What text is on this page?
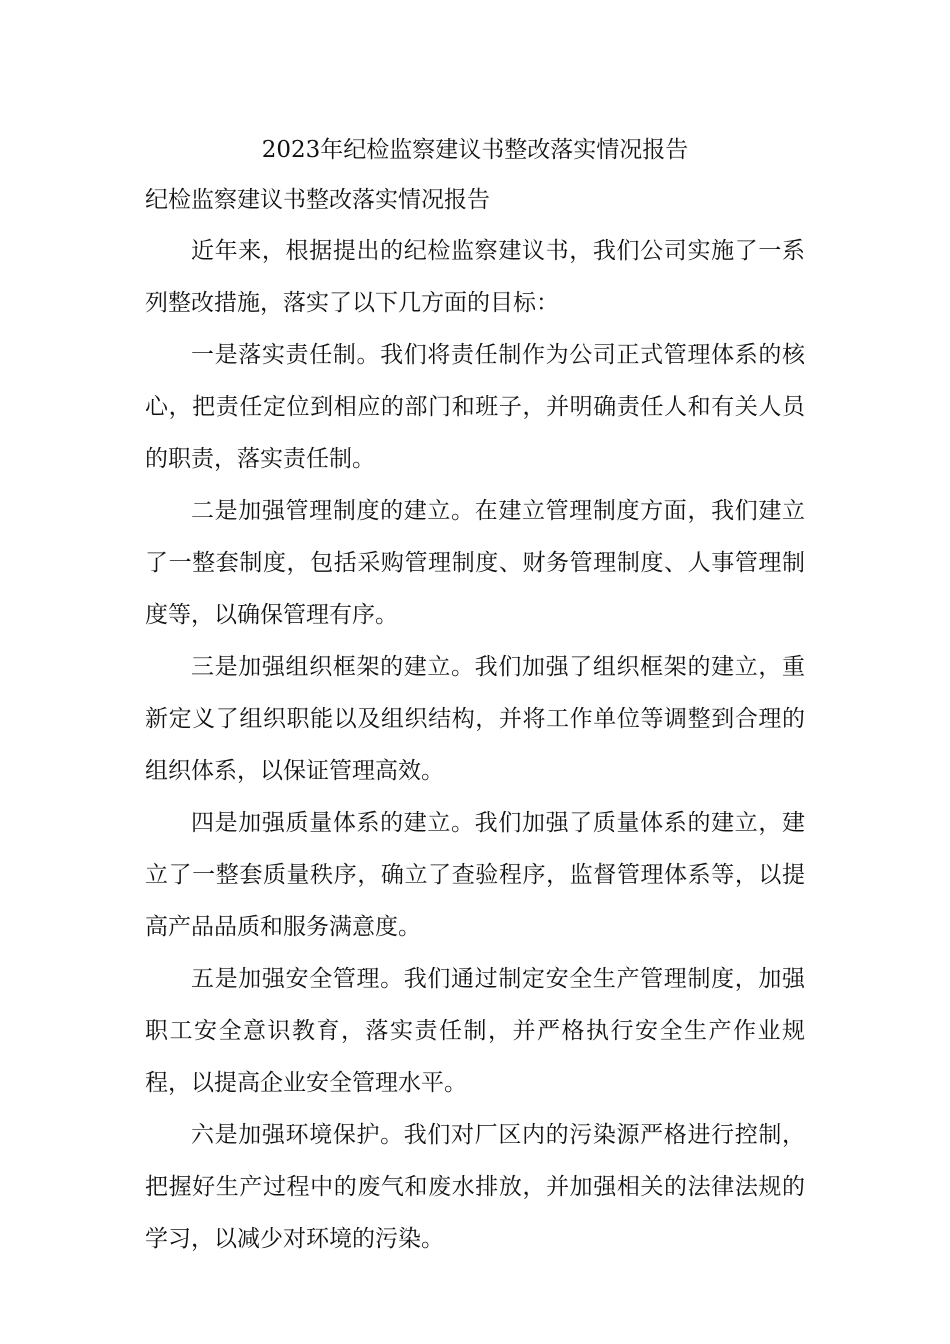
2023年纪检监察建议书整改落实情况报告
纪检监察建议书整改落实情况报告

近年来，根据提出的纪检监察建议书，我们公司实施了一系列整改措施，落实了以下几方面的目标：

一是落实责任制。我们将责任制作为公司正式管理体系的核心，把责任定位到相应的部门和班子，并明确责任人和有关人员的职责，落实责任制。

二是加强管理制度的建立。在建立管理制度方面，我们建立了一整套制度，包括采购管理制度、财务管理制度、人事管理制度等，以确保管理有序。

三是加强组织框架的建立。我们加强了组织框架的建立，重新定义了组织职能以及组织结构，并将工作单位等调整到合理的组织体系，以保证管理高效。

四是加强质量体系的建立。我们加强了质量体系的建立，建立了一整套质量秩序，确立了查验程序，监督管理体系等，以提高产品品质和服务满意度。

五是加强安全管理。我们通过制定安全生产管理制度，加强职工安全意识教育，落实责任制，并严格执行安全生产作业规程，以提高企业安全管理水平。

六是加强环境保护。我们对厂区内的污染源严格进行控制，把握好生产过程中的废气和废水排放，并加强相关的法律法规的学习，以减少对环境的污染。
